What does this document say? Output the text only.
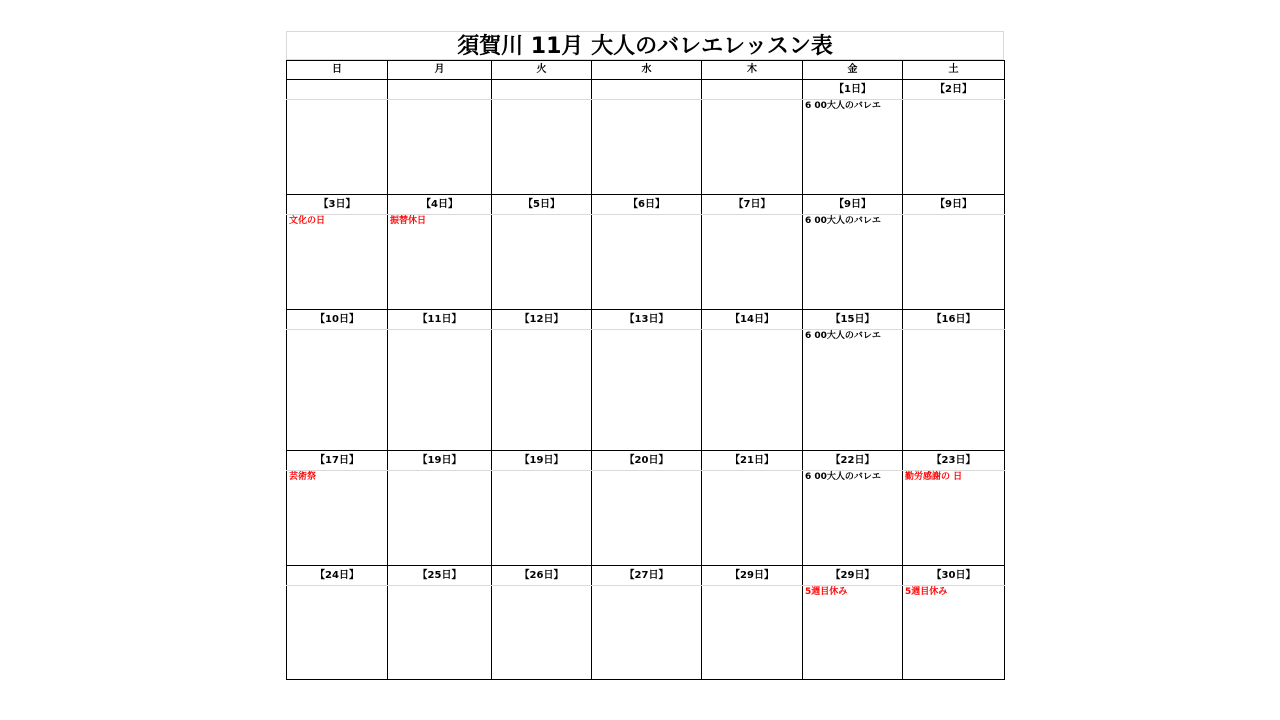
須賀川 11月 大人のバレエレッスン表
日	月	火	水	木	金	土
					【1日】	【2日】
					6 00大人のバレエ	
【3日】	【4日】	【5日】	【6日】	【7日】	【9日】	【9日】
文化の日	振替休日				6 00大人のバレエ	
【10日】	【11日】	【12日】	【13日】	【14日】	【15日】	【16日】
					6 00大人のバレエ	
【17日】	【19日】	【19日】	【20日】	【21日】	【22日】	【23日】
芸術祭					6 00大人のバレエ	勤労感謝の 日
【24日】	【25日】	【26日】	【27日】	【29日】	【29日】	【30日】
					5週目休み	5週目休み
